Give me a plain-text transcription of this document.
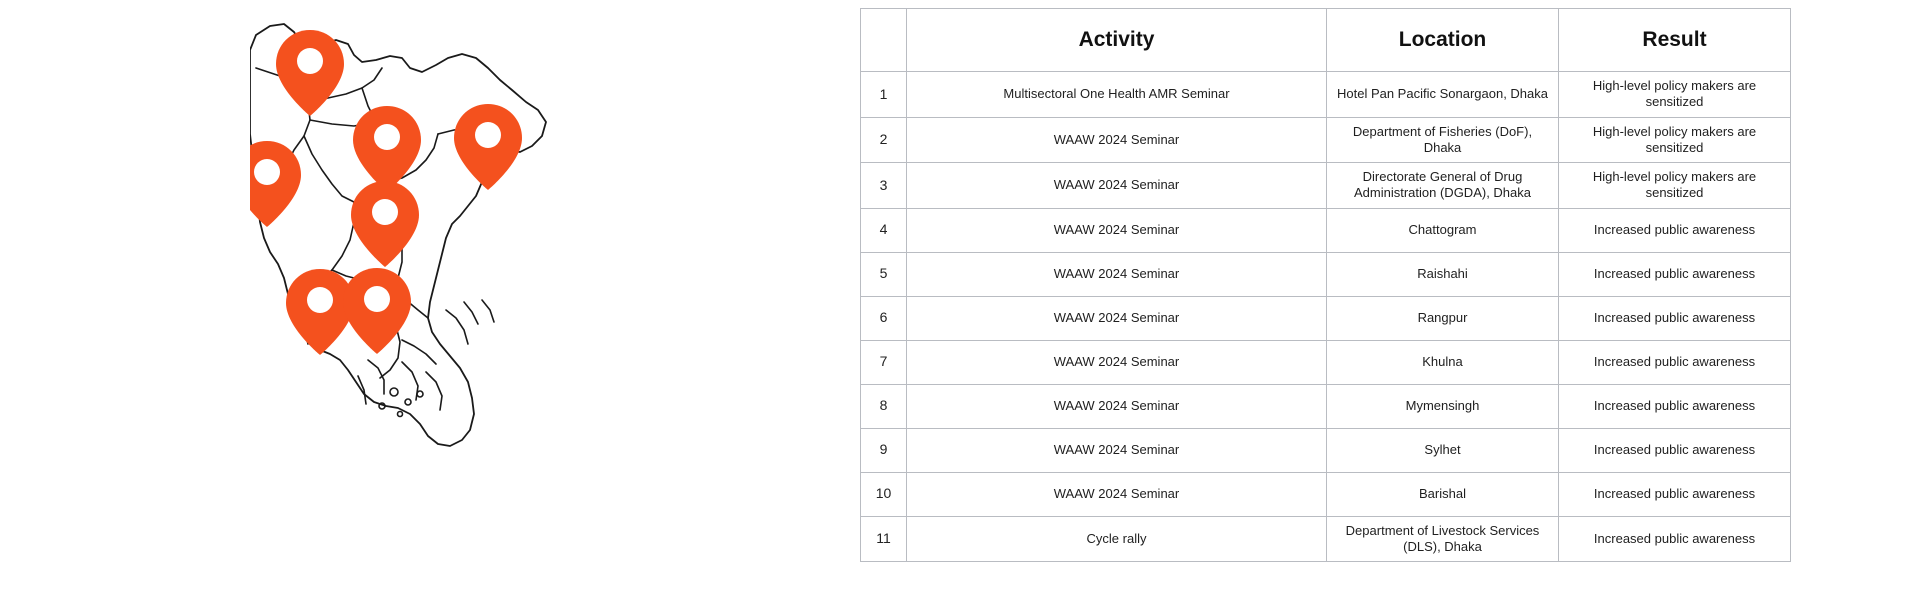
	Activity	Location	Result
1	Multisectoral One Health AMR Seminar	Hotel Pan Pacific Sonargaon, Dhaka	High-level policy makers are sensitized
2	WAAW 2024 Seminar	Department of Fisheries (DoF), Dhaka	High-level policy makers are sensitized
3	WAAW 2024 Seminar	Directorate General of Drug Administration (DGDA), Dhaka	High-level policy makers are sensitized
4	WAAW 2024 Seminar	Chattogram	Increased public awareness
5	WAAW 2024 Seminar	Raishahi	Increased public awareness
6	WAAW 2024 Seminar	Rangpur	Increased public awareness
7	WAAW 2024 Seminar	Khulna	Increased public awareness
8	WAAW 2024 Seminar	Mymensingh	Increased public awareness
9	WAAW 2024 Seminar	Sylhet	Increased public awareness
10	WAAW 2024 Seminar	Barishal	Increased public awareness
11	Cycle rally	Department of Livestock Services (DLS), Dhaka	Increased public awareness
